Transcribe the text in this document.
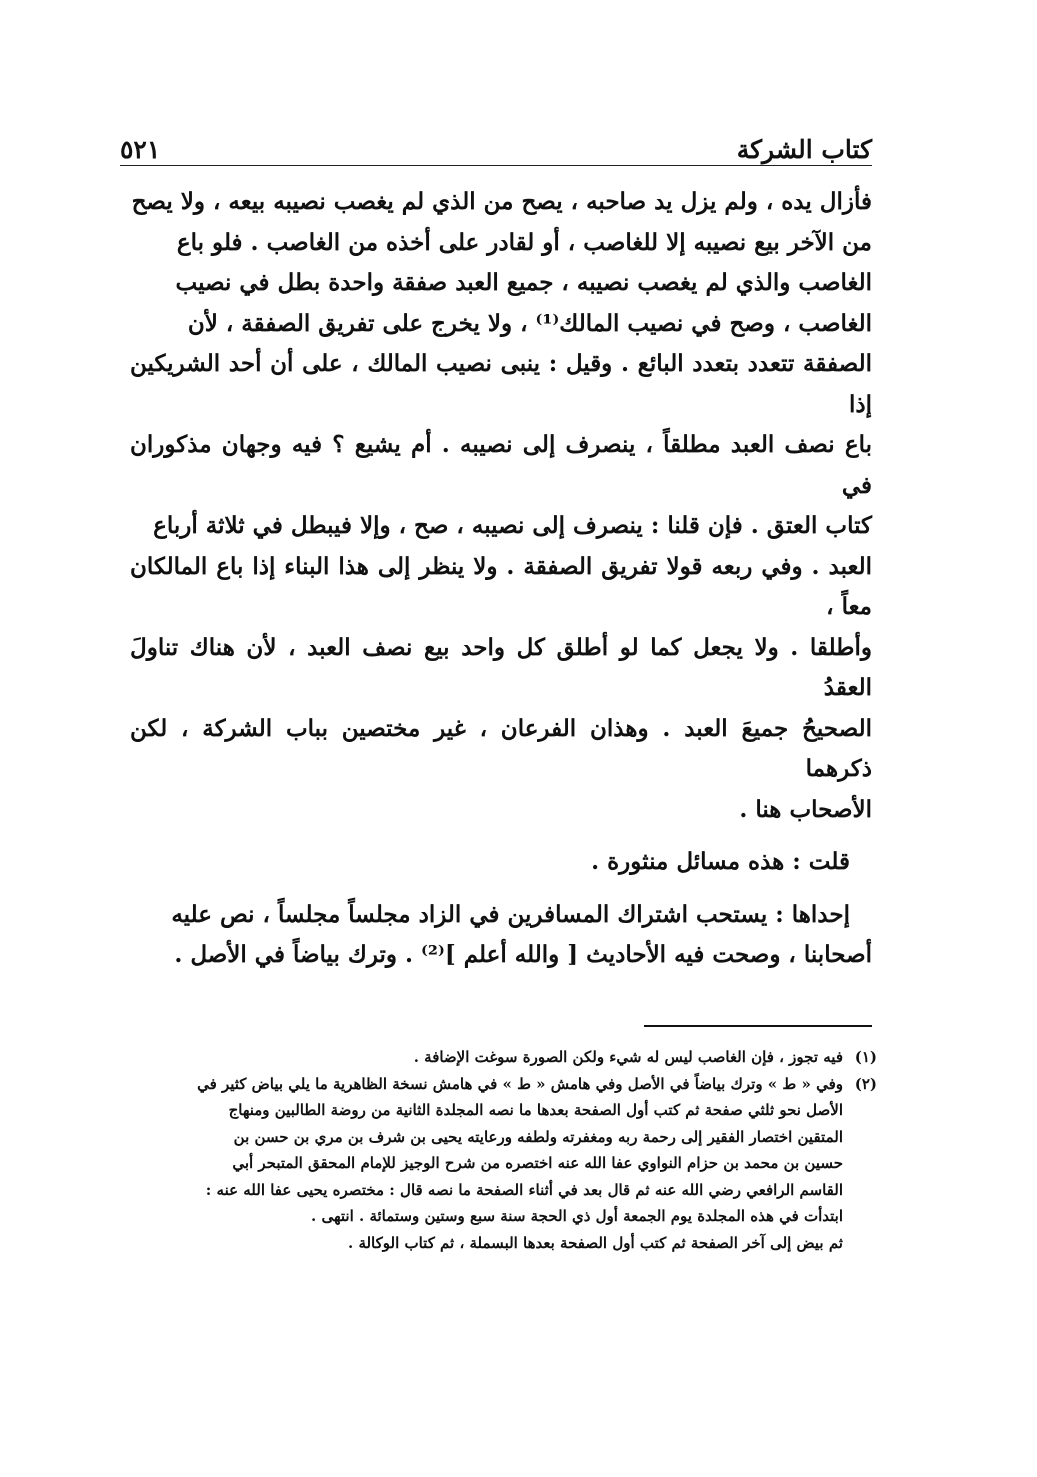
كتاب الشركة
٥٢١

فأزال يده ، ولم يزل يد صاحبه ، يصح من الذي لم يغصب نصيبه بيعه ، ولا يصح

من الآخر بيع نصيبه إلا للغاصب ، أو لقادر على أخذه من الغاصب . فلو باع

الغاصب والذي لم يغصب نصيبه ، جميع العبد صفقة واحدة بطل في نصيب

الغاصب ، وصح في نصيب المالك⁽¹⁾ ، ولا يخرج على تفريق الصفقة ، لأن

الصفقة تتعدد بتعدد البائع . وقيل : ينبى نصيب المالك ، على أن أحد الشريكين إذا

باع نصف العبد مطلقاً ، ينصرف إلى نصيبه . أم يشيع ؟ فيه وجهان مذكوران في

كتاب العتق . فإن قلنا : ينصرف إلى نصيبه ، صح ، وإلا فيبطل في ثلاثة أرباع

العبد . وفي ربعه قولا تفريق الصفقة . ولا ينظر إلى هذا البناء إذا باع المالكان معاً ،

وأطلقا . ولا يجعل كما لو أطلق كل واحد بيع نصف العبد ، لأن هناك تناولَ العقدُ

الصحيحُ جميعَ العبد . وهذان الفرعان ، غير مختصين بباب الشركة ، لكن ذكرهما

الأصحاب هنا .

قلت : هذه مسائل منثورة .

إحداها : يستحب اشتراك المسافرين في الزاد مجلساً مجلساً ، نص عليه

أصحابنا ، وصحت فيه الأحاديث [ والله أعلم ]⁽²⁾ . وترك بياضاً في الأصل .

(١)
فيه تجوز ، فإن الغاصب ليس له شيء ولكن الصورة سوغت الإضافة .
(٢)
وفي « ط » وترك بياضاً في الأصل وفي هامش « ط » في هامش نسخة الظاهرية ما يلي بياض كثير في
الأصل نحو ثلثي صفحة ثم كتب أول الصفحة بعدها ما نصه المجلدة الثانية من روضة الطالبين ومنهاج
المتقين اختصار الفقير إلى رحمة ربه ومغفرته ولطفه ورعايته يحيى بن شرف بن مري بن حسن بن
حسين بن محمد بن حزام النواوي عفا الله عنه اختصره من شرح الوجيز للإمام المحقق المتبحر أبي
القاسم الرافعي رضي الله عنه ثم قال بعد في أثناء الصفحة ما نصه قال : مختصره يحيى عفا الله عنه :
ابتدأت في هذه المجلدة يوم الجمعة أول ذي الحجة سنة سبع وستين وستمائة . انتهى .
ثم بيض إلى آخر الصفحة ثم كتب أول الصفحة بعدها البسملة ، ثم كتاب الوكالة .
